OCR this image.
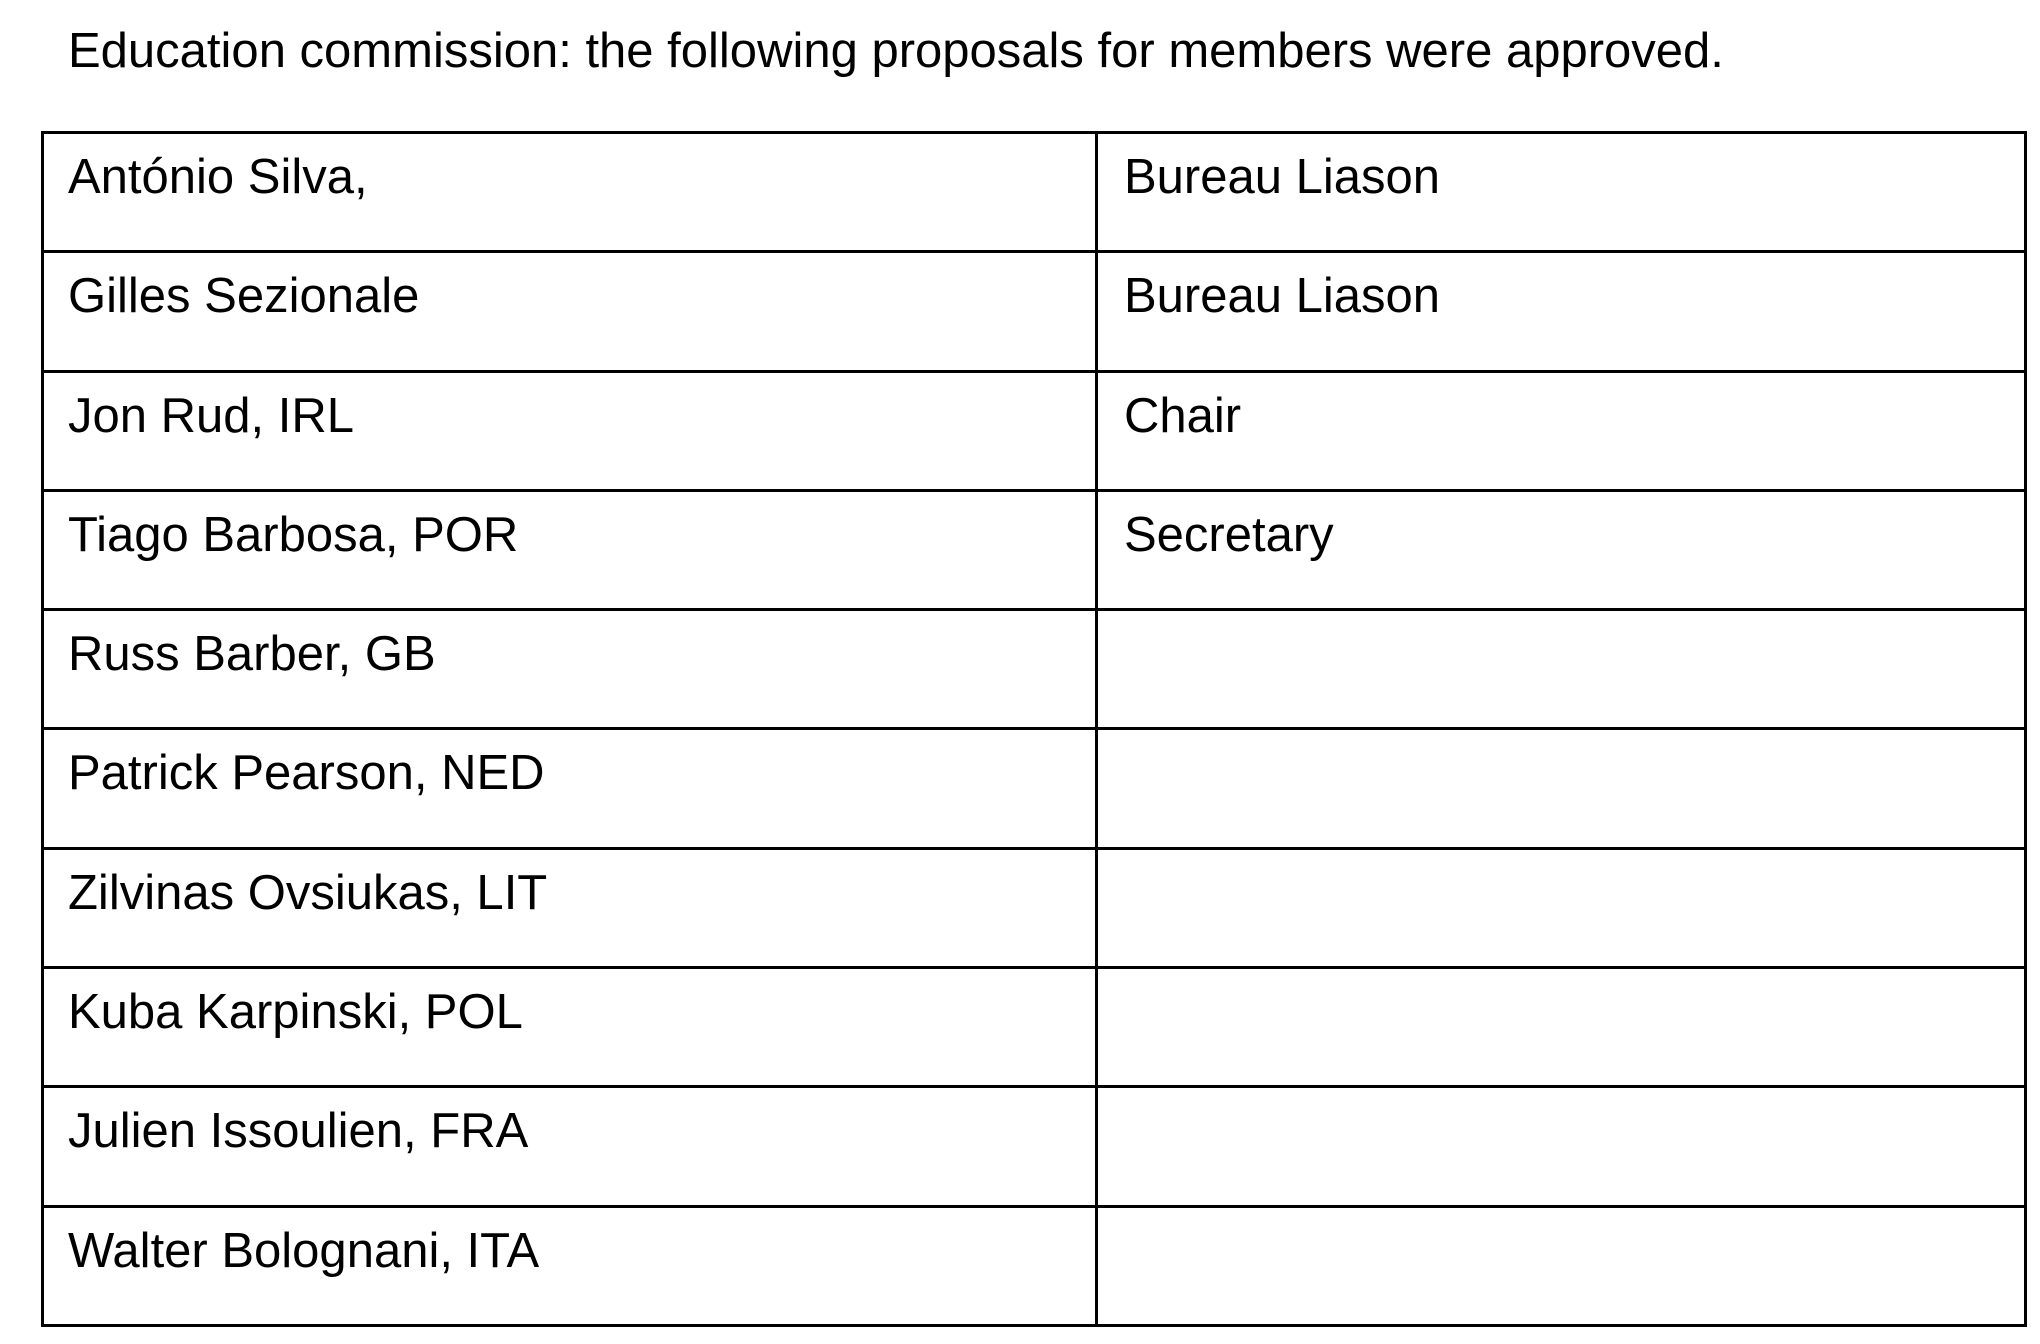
Education commission: the following proposals for members were approved.

António Silva,	Bureau Liason
Gilles Sezionale	Bureau Liason
Jon Rud, IRL	Chair
Tiago Barbosa, POR	Secretary
Russ Barber, GB	
Patrick Pearson, NED	
Zilvinas Ovsiukas, LIT	
Kuba Karpinski, POL	
Julien Issoulien, FRA	
Walter Bolognani, ITA	
